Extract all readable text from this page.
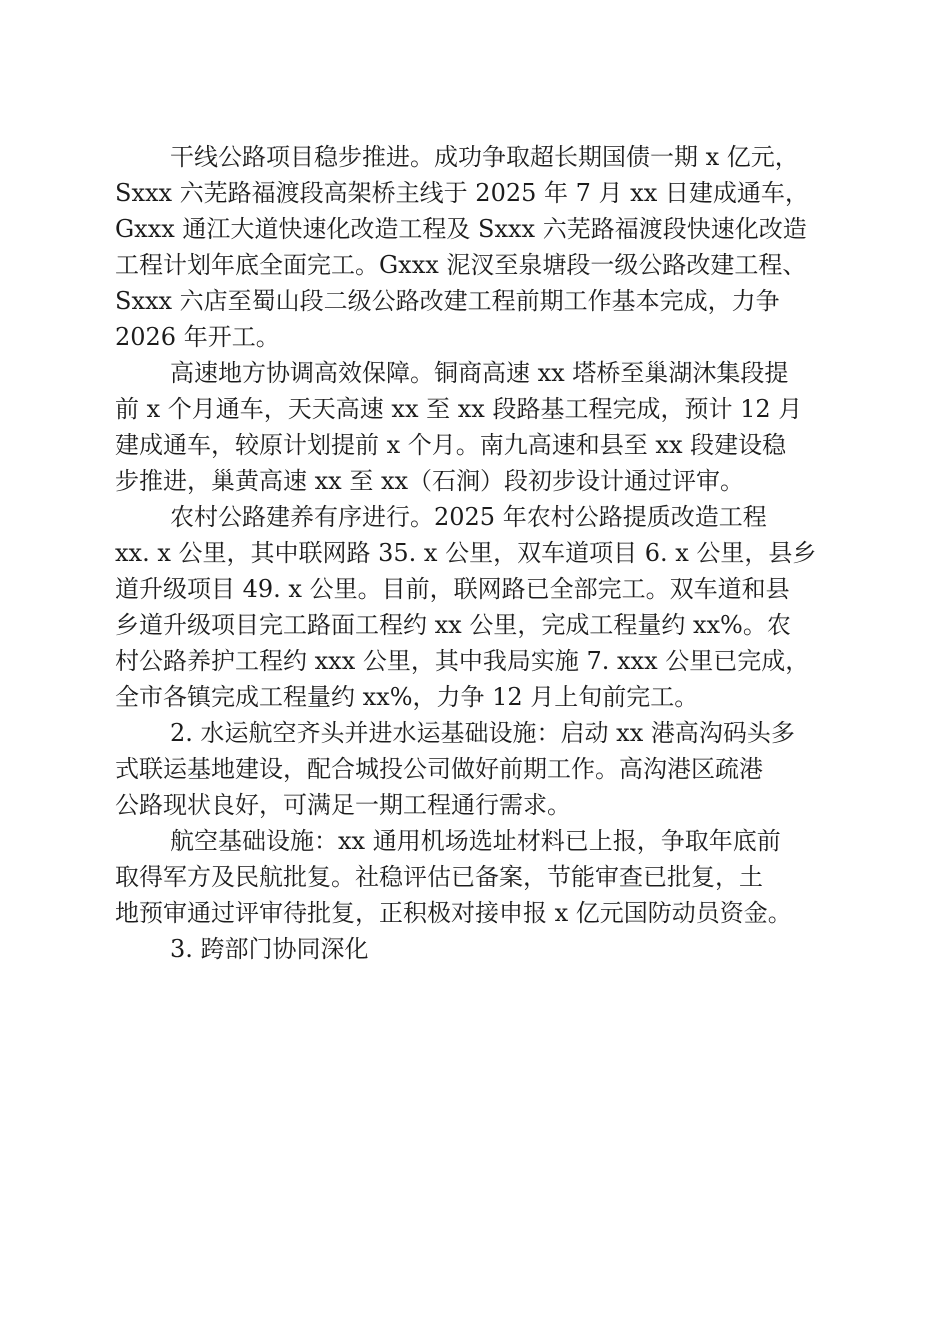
干线公路项目稳步推进。成功争取超长期国债一期 x 亿元，
Sxxx 六芜路福渡段高架桥主线于 2025 年 7 月 xx 日建成通车，
Gxxx 通江大道快速化改造工程及 Sxxx 六芜路福渡段快速化改造
工程计划年底全面完工。Gxxx 泥汊至泉塘段一级公路改建工程、
Sxxx 六店至蜀山段二级公路改建工程前期工作基本完成，力争
2026 年开工。
高速地方协调高效保障。铜商高速 xx 塔桥至巢湖沐集段提
前 x 个月通车，天天高速 xx 至 xx 段路基工程完成，预计 12 月
建成通车，较原计划提前 x 个月。南九高速和县至 xx 段建设稳
步推进，巢黄高速 xx 至 xx（石涧）段初步设计通过评审。
农村公路建养有序进行。2025 年农村公路提质改造工程
xx. x 公里，其中联网路 35. x 公里，双车道项目 6. x 公里，县乡
道升级项目 49. x 公里。目前，联网路已全部完工。双车道和县
乡道升级项目完工路面工程约 xx 公里，完成工程量约 xx%。农
村公路养护工程约 xxx 公里，其中我局实施 7. xxx 公里已完成，
全市各镇完成工程量约 xx%，力争 12 月上旬前完工。
2. 水运航空齐头并进水运基础设施：启动 xx 港高沟码头多
式联运基地建设，配合城投公司做好前期工作。高沟港区疏港
公路现状良好，可满足一期工程通行需求。
航空基础设施：xx 通用机场选址材料已上报，争取年底前
取得军方及民航批复。社稳评估已备案，节能审查已批复，土
地预审通过评审待批复，正积极对接申报 x 亿元国防动员资金。
3. 跨部门协同深化
